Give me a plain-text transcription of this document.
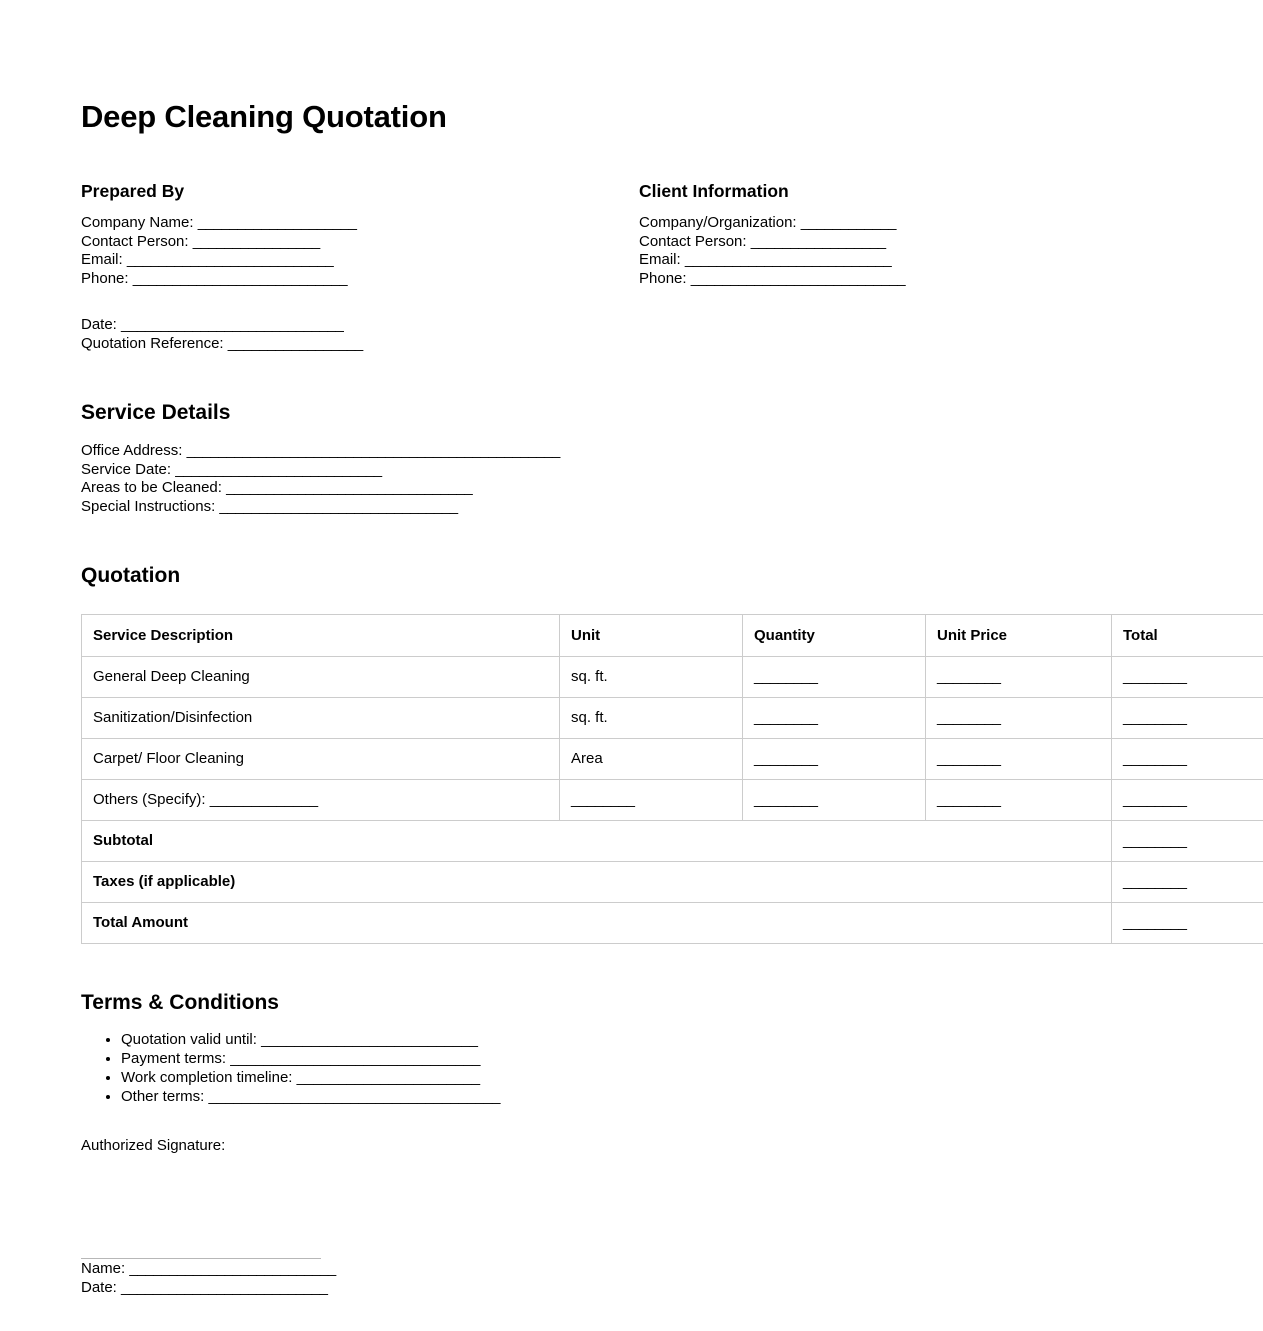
Deep Cleaning Quotation
Prepared By
Company Name: ____________________
Contact Person: ________________
Email: __________________________
Phone: ___________________________
Date: ____________________________
Quotation Reference: _________________
Client Information
Company/Organization: ____________
Contact Person: _________________
Email: __________________________
Phone: ___________________________
Service Details
Office Address: _______________________________________________
Service Date: __________________________
Areas to be Cleaned: _______________________________
Special Instructions: ______________________________
Quotation
Service Description	Unit	Quantity	Unit Price	Total
General Deep Cleaning	sq. ft.	________	________	________
Sanitization/Disinfection	sq. ft.	________	________	________
Carpet/ Floor Cleaning	Area	________	________	________
Others (Specify): _____________	________	________	________	________
Subtotal				________
Taxes (if applicable)				________
Total Amount				________
Terms & Conditions
• Quotation valid until: __________________________
• Payment terms: ______________________________
• Work completion timeline: ______________________
• Other terms: ___________________________________
Authorized Signature:
Name: __________________________
Date: __________________________
